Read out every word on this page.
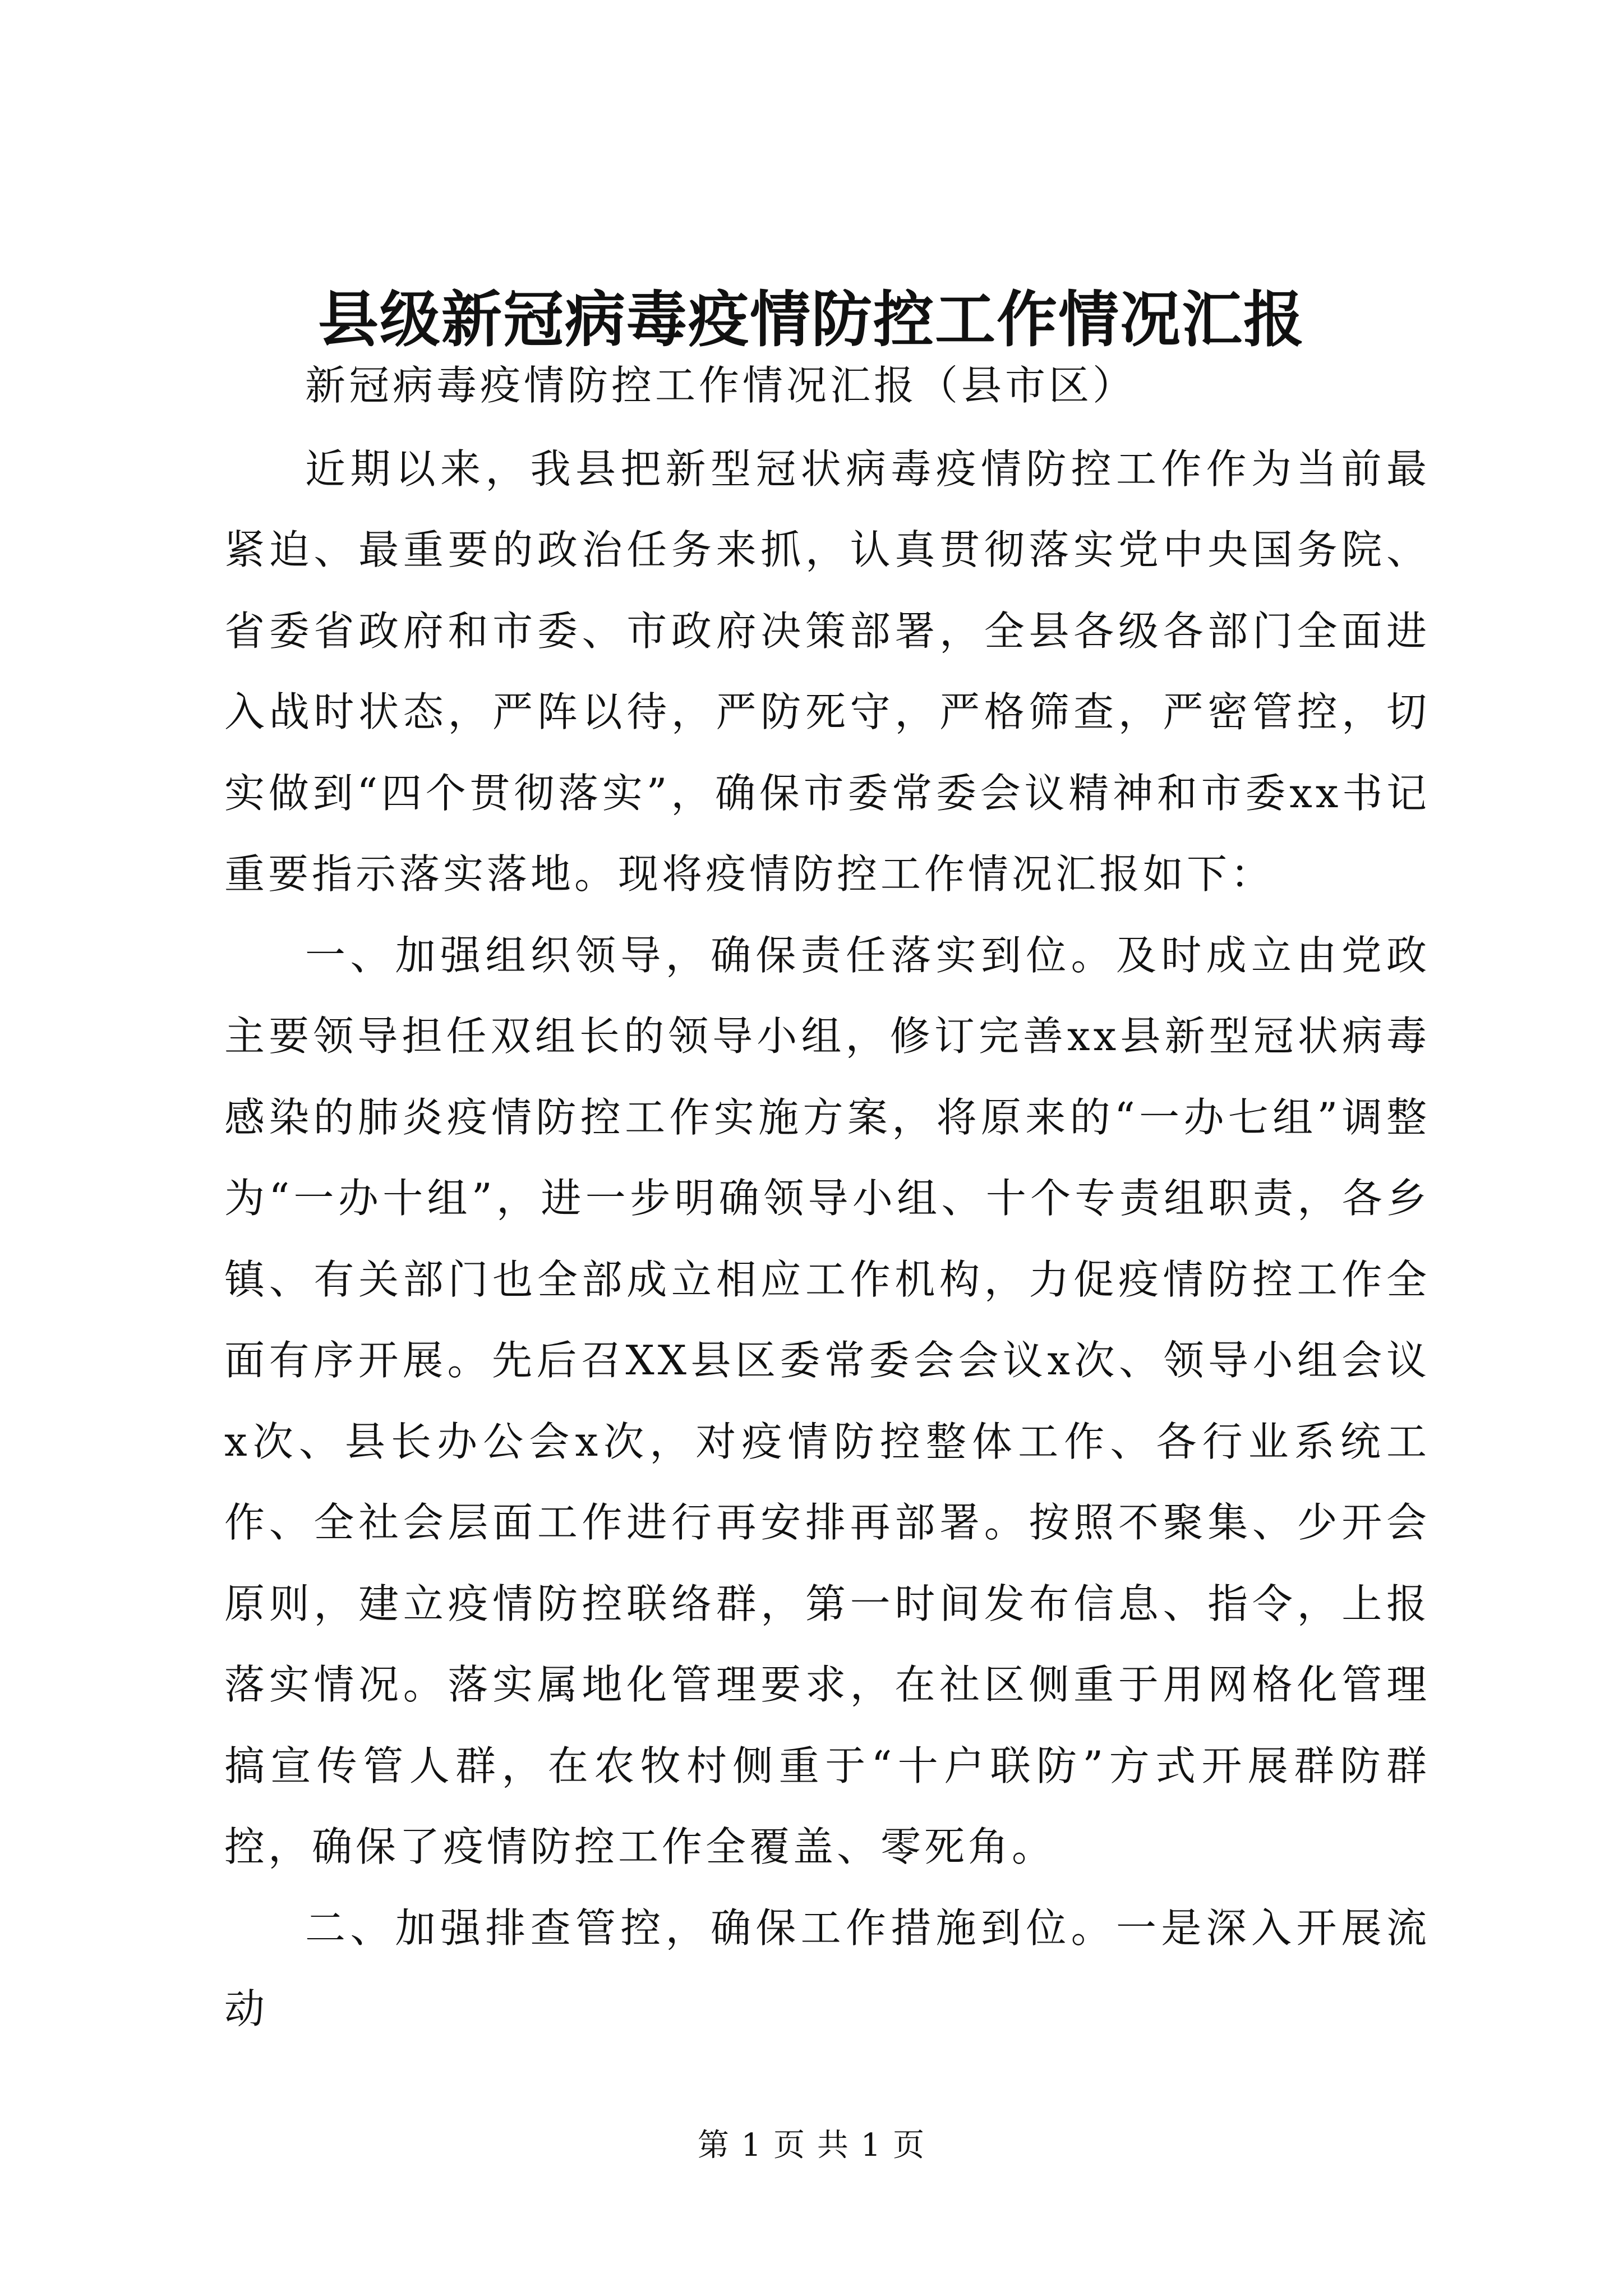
县级新冠病毒疫情防控工作情况汇报

新冠病毒疫情防控工作情况汇报（县市区）

近期以来，我县把新型冠状病毒疫情防控工作作为当前最紧迫、最重要的政治任务来抓，认真贯彻落实党中央国务院、省委省政府和市委、市政府决策部署，全县各级各部门全面进入战时状态，严阵以待，严防死守，严格筛查，严密管控，切实做到“四个贯彻落实”，确保市委常委会议精神和市委xx书记重要指示落实落地。现将疫情防控工作情况汇报如下：

一、加强组织领导，确保责任落实到位。及时成立由党政主要领导担任双组长的领导小组，修订完善xx县新型冠状病毒感染的肺炎疫情防控工作实施方案，将原来的“一办七组”调整为“一办十组”，进一步明确领导小组、十个专责组职责，各乡镇、有关部门也全部成立相应工作机构，力促疫情防控工作全面有序开展。先后召XX县区委常委会会议x次、领导小组会议x次、县长办公会x次，对疫情防控整体工作、各行业系统工作、全社会层面工作进行再安排再部署。按照不聚集、少开会原则，建立疫情防控联络群，第一时间发布信息、指令，上报落实情况。落实属地化管理要求，在社区侧重于用网格化管理搞宣传管人群，在农牧村侧重于“十户联防”方式开展群防群控，确保了疫情防控工作全覆盖、零死角。

二、加强排查管控，确保工作措施到位。一是深入开展流动

第 1 页 共 1 页
